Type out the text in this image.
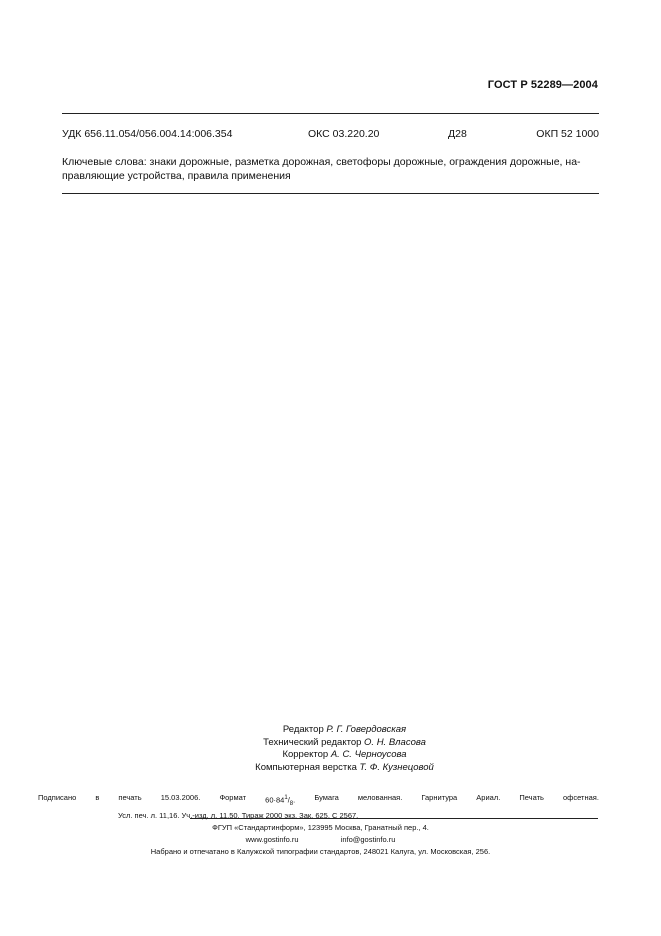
ГОСТ Р 52289—2004
УДК 656.11.054/056.004.14:006.354	ОКС 03.220.20	Д28	ОКП 52 1000
Ключевые слова: знаки дорожные, разметка дорожная, светофоры дорожные, ограждения дорожные, на-
правляющие устройства, правила применения
Редактор Р. Г. Говердовская
Технический редактор О. Н. Власова
Корректор А. С. Черноусова
Компьютерная верстка Т. Ф. Кузнецовой
Подписано	в	печать	15.03.2006.	Формат	$60\cdot 84^1/_8$.	Бумага	мелованная.	Гарнитура	Ариал.	Печать	офсетная.
Усл. печ. л. 11,16. Уч.-изд. л. 11,50. Тираж 2000 экз. Зак. 625. С 2567.
ФГУП «Стандартинформ», 123995 Москва, Гранатный пер., 4.
www.gostinfo.ru	info@gostinfo.ru
Набрано и отпечатано в Калужской типографии стандартов, 248021 Калуга, ул. Московская, 256.
